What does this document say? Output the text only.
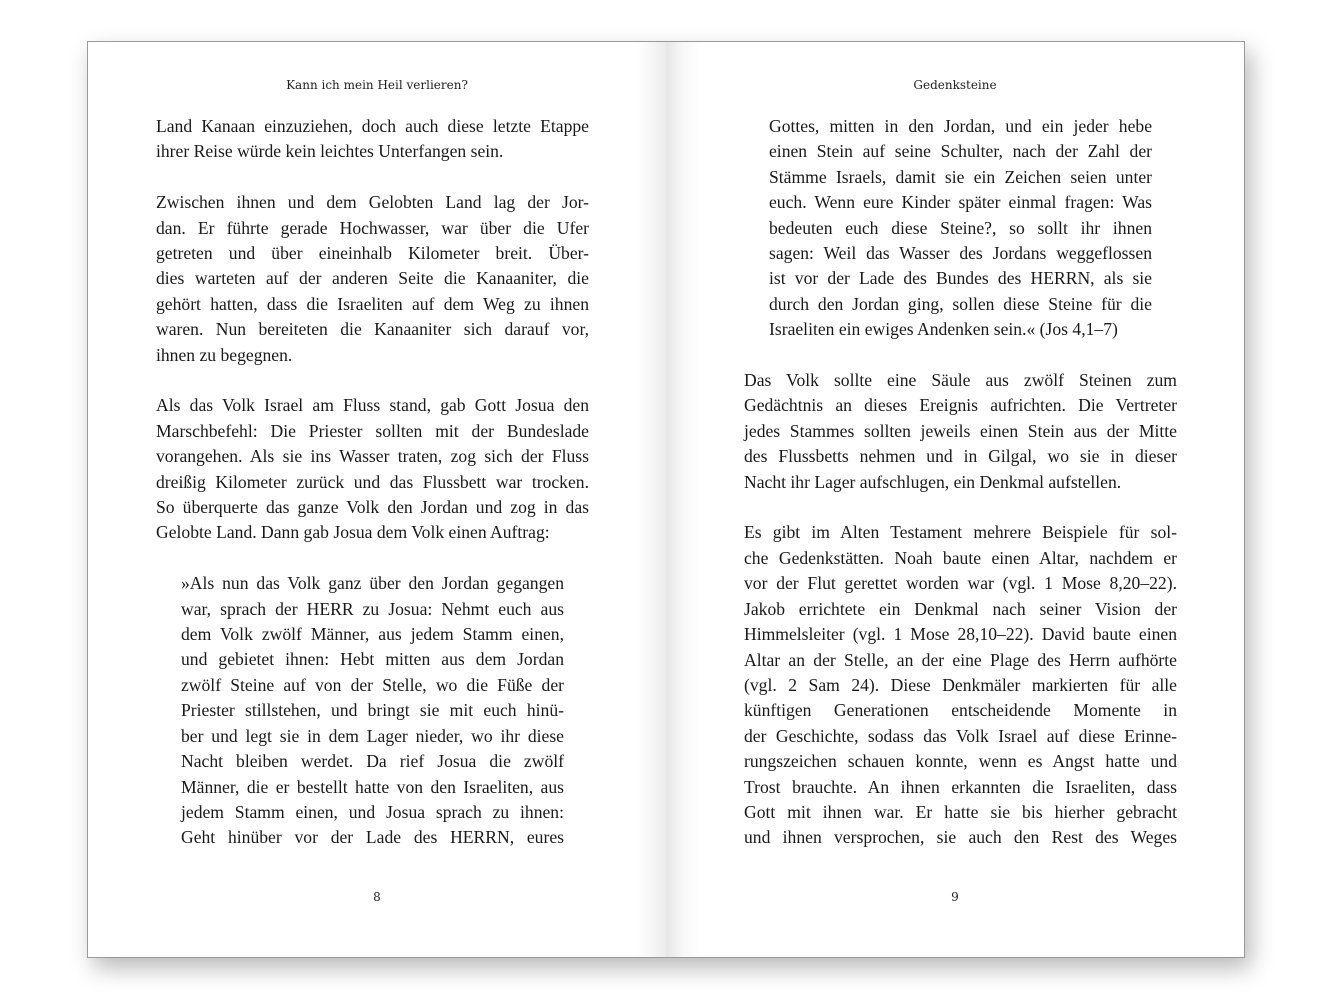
Kann ich mein Heil verlieren?
Land Kanaan einzuziehen, doch auch diese letzte Etappe
ihrer Reise würde kein leichtes Unterfangen sein.
Zwischen ihnen und dem Gelobten Land lag der Jor-
dan. Er führte gerade Hochwasser, war über die Ufer
getreten und über eineinhalb Kilometer breit. Über-
dies warteten auf der anderen Seite die Kanaaniter, die
gehört hatten, dass die Israeliten auf dem Weg zu ihnen
waren. Nun bereiteten die Kanaaniter sich darauf vor,
ihnen zu begegnen.
Als das Volk Israel am Fluss stand, gab Gott Josua den
Marschbefehl: Die Priester sollten mit der Bundeslade
vorangehen. Als sie ins Wasser traten, zog sich der Fluss
dreißig Kilometer zurück und das Flussbett war trocken.
So überquerte das ganze Volk den Jordan und zog in das
Gelobte Land. Dann gab Josua dem Volk einen Auftrag:
»Als nun das Volk ganz über den Jordan gegangen
war, sprach der HERR zu Josua: Nehmt euch aus
dem Volk zwölf Männer, aus jedem Stamm einen,
und gebietet ihnen: Hebt mitten aus dem Jordan
zwölf Steine auf von der Stelle, wo die Füße der
Priester stillstehen, und bringt sie mit euch hinü-
ber und legt sie in dem Lager nieder, wo ihr diese
Nacht bleiben werdet. Da rief Josua die zwölf
Männer, die er bestellt hatte von den Israeliten, aus
jedem Stamm einen, und Josua sprach zu ihnen:
Geht hinüber vor der Lade des HERRN, eures
8
Gedenksteine
Gottes, mitten in den Jordan, und ein jeder hebe
einen Stein auf seine Schulter, nach der Zahl der
Stämme Israels, damit sie ein Zeichen seien unter
euch. Wenn eure Kinder später einmal fragen: Was
bedeuten euch diese Steine?, so sollt ihr ihnen
sagen: Weil das Wasser des Jordans weggeflossen
ist vor der Lade des Bundes des HERRN, als sie
durch den Jordan ging, sollen diese Steine für die
Israeliten ein ewiges Andenken sein.« (Jos 4,1–7)
Das Volk sollte eine Säule aus zwölf Steinen zum
Gedächtnis an dieses Ereignis aufrichten. Die Vertreter
jedes Stammes sollten jeweils einen Stein aus der Mitte
des Flussbetts nehmen und in Gilgal, wo sie in dieser
Nacht ihr Lager aufschlugen, ein Denkmal aufstellen.
Es gibt im Alten Testament mehrere Beispiele für sol-
che Gedenkstätten. Noah baute einen Altar, nachdem er
vor der Flut gerettet worden war (vgl. 1 Mose 8,20–22).
Jakob errichtete ein Denkmal nach seiner Vision der
Himmelsleiter (vgl. 1 Mose 28,10–22). David baute einen
Altar an der Stelle, an der eine Plage des Herrn aufhörte
(vgl. 2 Sam 24). Diese Denkmäler markierten für alle
künftigen Generationen entscheidende Momente in
der Geschichte, sodass das Volk Israel auf diese Erinne-
rungszeichen schauen konnte, wenn es Angst hatte und
Trost brauchte. An ihnen erkannten die Israeliten, dass
Gott mit ihnen war. Er hatte sie bis hierher gebracht
und ihnen versprochen, sie auch den Rest des Weges
9
